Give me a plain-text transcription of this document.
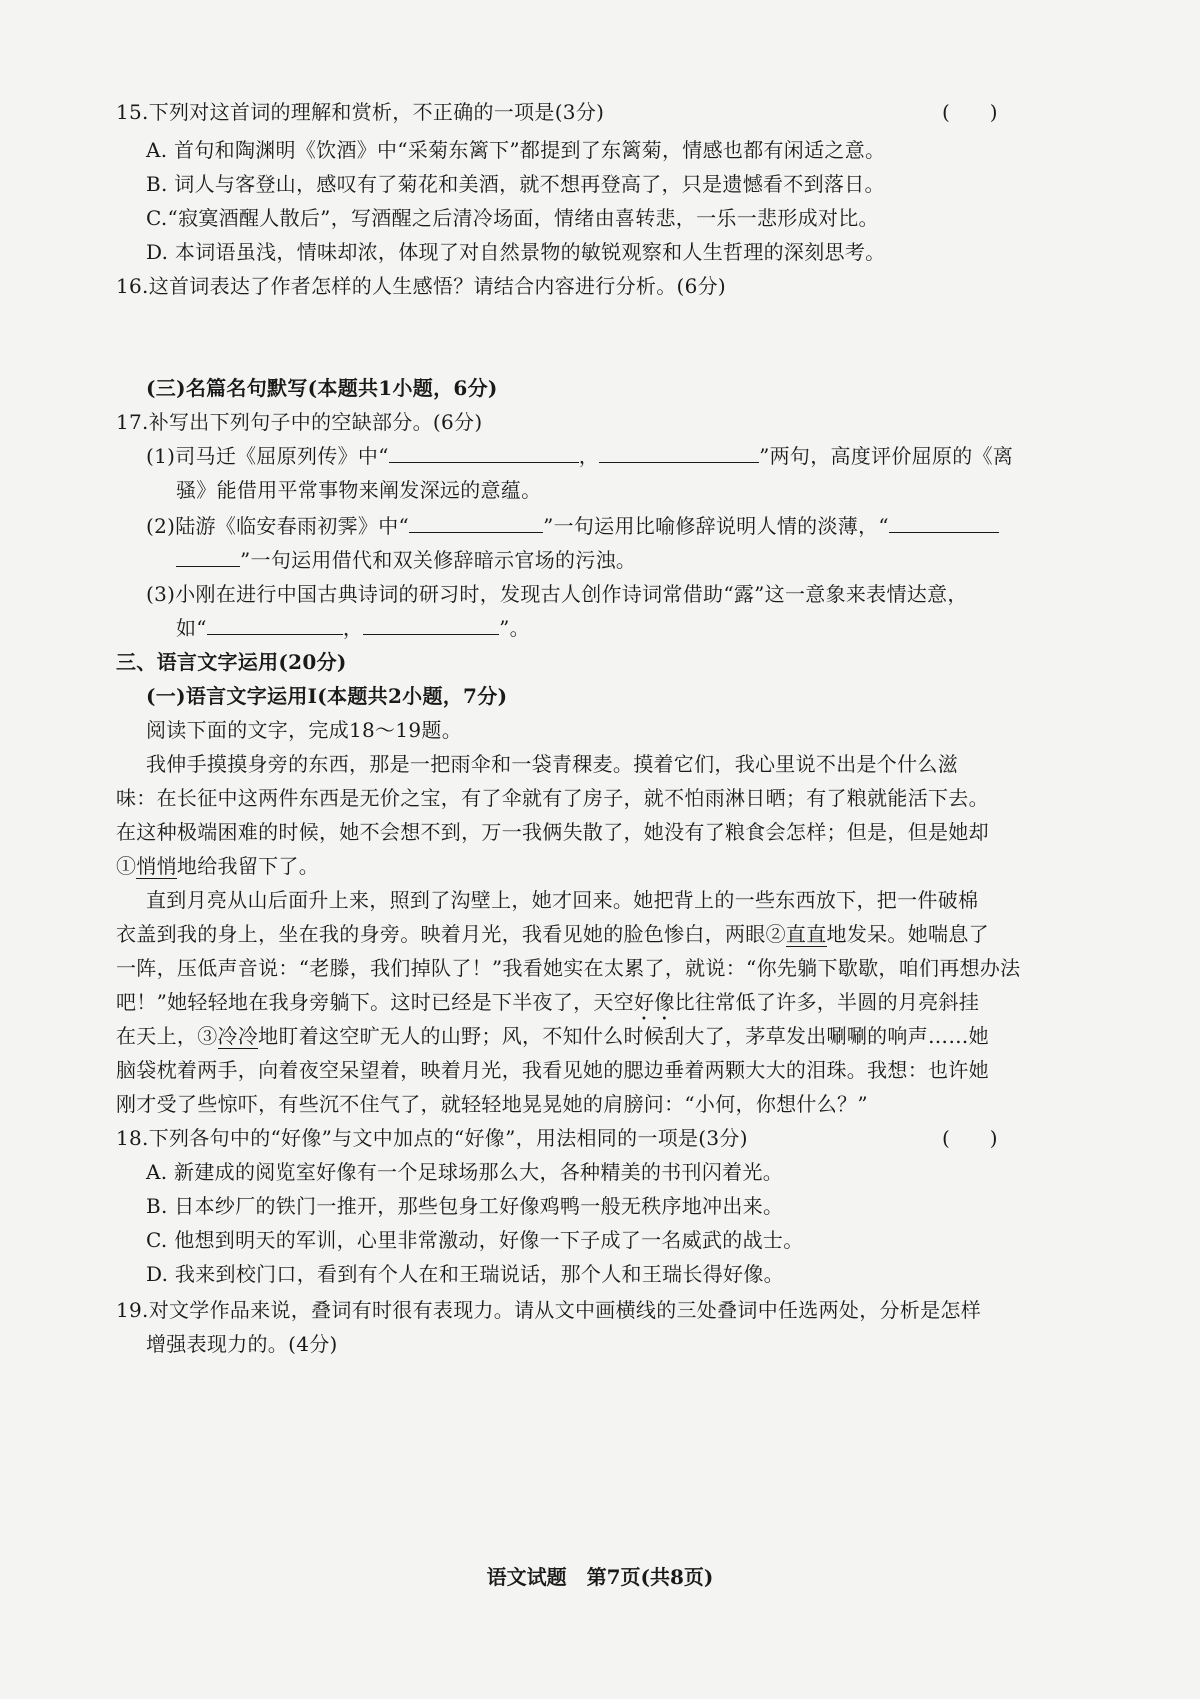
15.下列对这首词的理解和赏析，不正确的一项是(3分)	(　　)
A. 首句和陶渊明《饮酒》中“采菊东篱下”都提到了东篱菊，情感也都有闲适之意。
B. 词人与客登山，感叹有了菊花和美酒，就不想再登高了，只是遗憾看不到落日。
C.“寂寞酒醒人散后”，写酒醒之后清冷场面，情绪由喜转悲，一乐一悲形成对比。
D. 本词语虽浅，情味却浓，体现了对自然景物的敏锐观察和人生哲理的深刻思考。
16.这首词表达了作者怎样的人生感悟？请结合内容进行分析。(6分)
(三)名篇名句默写(本题共1小题，6分)
17.补写出下列句子中的空缺部分。(6分)
(1)司马迁《屈原列传》中“	，	”两句，高度评价屈原的《离
骚》能借用平常事物来阐发深远的意蕴。
(2)陆游《临安春雨初霁》中“	”一句运用比喻修辞说明人情的淡薄，“
”一句运用借代和双关修辞暗示官场的污浊。
(3)小刚在进行中国古典诗词的研习时，发现古人创作诗词常借助“露”这一意象来表情达意，
如“	，	”。
三、语言文字运用(20分)
(一)语言文字运用Ⅰ(本题共2小题，7分)
阅读下面的文字，完成18～19题。
我伸手摸摸身旁的东西，那是一把雨伞和一袋青稞麦。摸着它们，我心里说不出是个什么滋
味：在长征中这两件东西是无价之宝，有了伞就有了房子，就不怕雨淋日晒；有了粮就能活下去。
在这种极端困难的时候，她不会想不到，万一我俩失散了，她没有了粮食会怎样；但是，但是她却
①悄悄地给我留下了。
直到月亮从山后面升上来，照到了沟壁上，她才回来。她把背上的一些东西放下，把一件破棉
衣盖到我的身上，坐在我的身旁。映着月光，我看见她的脸色惨白，两眼②直直地发呆。她喘息了
一阵，压低声音说：“老滕，我们掉队了！”我看她实在太累了，就说：“你先躺下歇歇，咱们再想办法
吧！”她轻轻地在我身旁躺下。这时已经是下半夜了，天空好像比往常低了许多，半圆的月亮斜挂
在天上，③冷冷地盯着这空旷无人的山野；风，不知什么时候刮大了，茅草发出唰唰的响声……她
脑袋枕着两手，向着夜空呆望着，映着月光，我看见她的腮边垂着两颗大大的泪珠。我想：也许她
刚才受了些惊吓，有些沉不住气了，就轻轻地晃晃她的肩膀问：“小何，你想什么？”
18.下列各句中的“好像”与文中加点的“好像”，用法相同的一项是(3分)	(　　)
A. 新建成的阅览室好像有一个足球场那么大，各种精美的书刊闪着光。
B. 日本纱厂的铁门一推开，那些包身工好像鸡鸭一般无秩序地冲出来。
C. 他想到明天的军训，心里非常激动，好像一下子成了一名威武的战士。
D. 我来到校门口，看到有个人在和王瑞说话，那个人和王瑞长得好像。
19.对文学作品来说，叠词有时很有表现力。请从文中画横线的三处叠词中任选两处，分析是怎样
增强表现力的。(4分)
语文试题　第7页(共8页)
